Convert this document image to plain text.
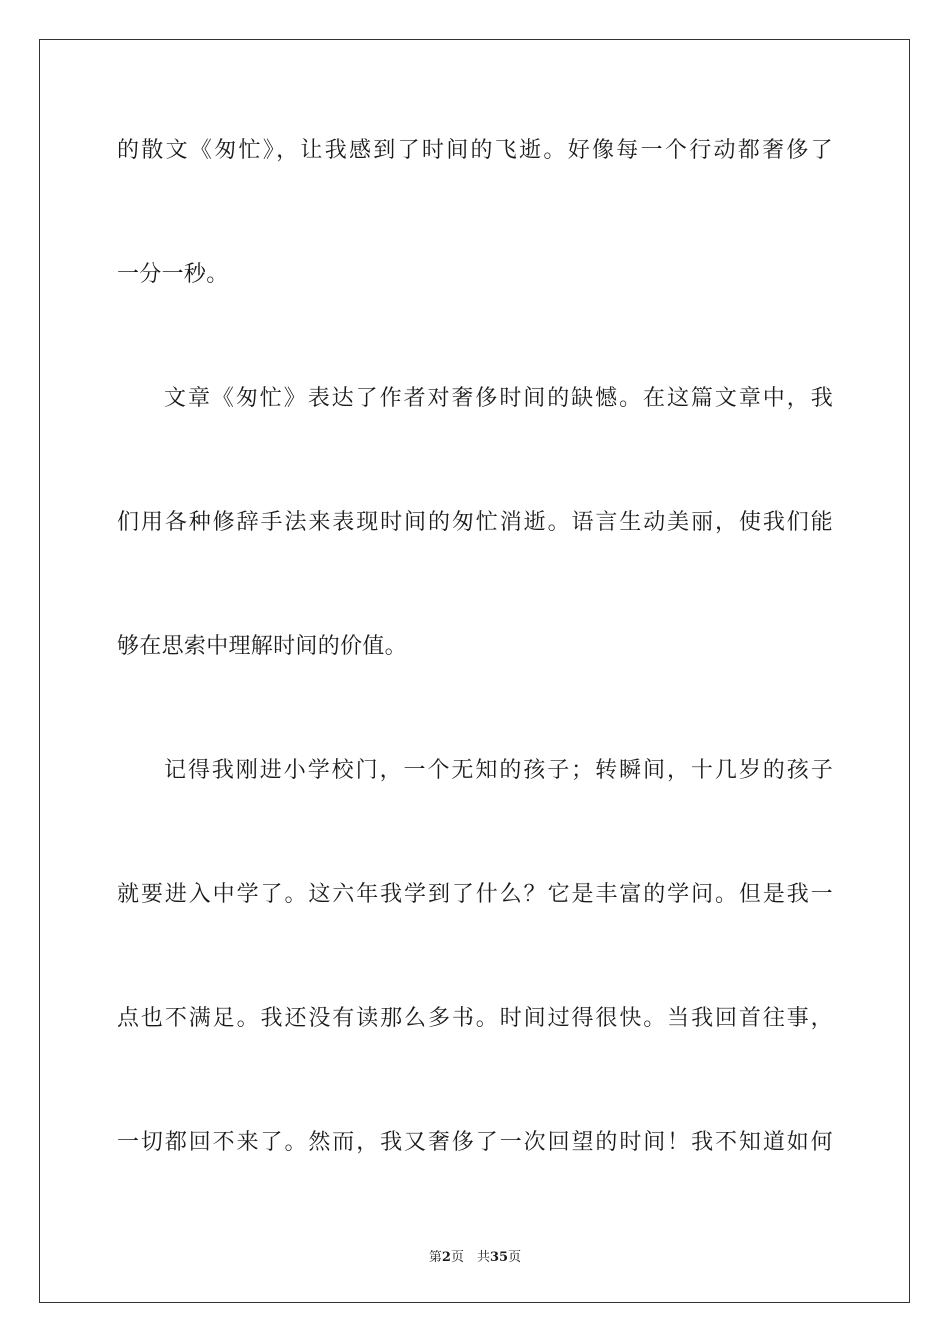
的散文《匆忙》，让我感到了时间的飞逝。好像每一个行动都奢侈了
一分一秒。
文章《匆忙》表达了作者对奢侈时间的缺憾。在这篇文章中，我
们用各种修辞手法来表现时间的匆忙消逝。语言生动美丽，使我们能
够在思索中理解时间的价值。
记得我刚进小学校门，一个无知的孩子；转瞬间，十几岁的孩子
就要进入中学了。这六年我学到了什么？它是丰富的学问。但是我一
点也不满足。我还没有读那么多书。时间过得很快。当我回首往事，
一切都回不来了。然而，我又奢侈了一次回望的时间！我不知道如何
第2页　共35页
